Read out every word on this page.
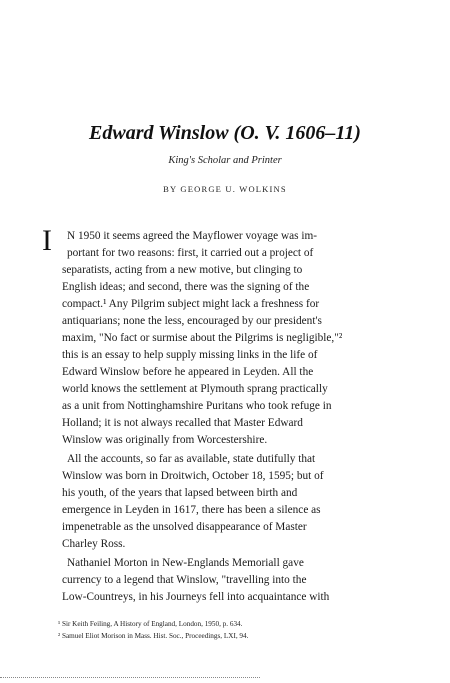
Edward Winslow (O. V. 1606–11)
King's Scholar and Printer
BY GEORGE U. WOLKINS
I N 1950 it seems agreed the Mayflower voyage was im-
portant for two reasons: first, it carried out a project of
separatists, acting from a new motive, but clinging to
English ideas; and second, there was the signing of the
compact.¹ Any Pilgrim subject might lack a freshness for
antiquarians; none the less, encouraged by our president's
maxim, "No fact or surmise about the Pilgrims is negligible,"²
this is an essay to help supply missing links in the life of
Edward Winslow before he appeared in Leyden. All the
world knows the settlement at Plymouth sprang practically
as a unit from Nottinghamshire Puritans who took refuge in
Holland; it is not always recalled that Master Edward
Winslow was originally from Worcestershire.
All the accounts, so far as available, state dutifully that
Winslow was born in Droitwich, October 18, 1595; but of
his youth, of the years that lapsed between birth and
emergence in Leyden in 1617, there has been a silence as
impenetrable as the unsolved disappearance of Master
Charley Ross.
Nathaniel Morton in New-Englands Memoriall gave
currency to a legend that Winslow, "travelling into the
Low-Countreys, in his Journeys fell into acquaintance with
¹ Sir Keith Feiling, A History of England, London, 1950, p. 634.
² Samuel Eliot Morison in Mass. Hist. Soc., Proceedings, LXI, 94.
